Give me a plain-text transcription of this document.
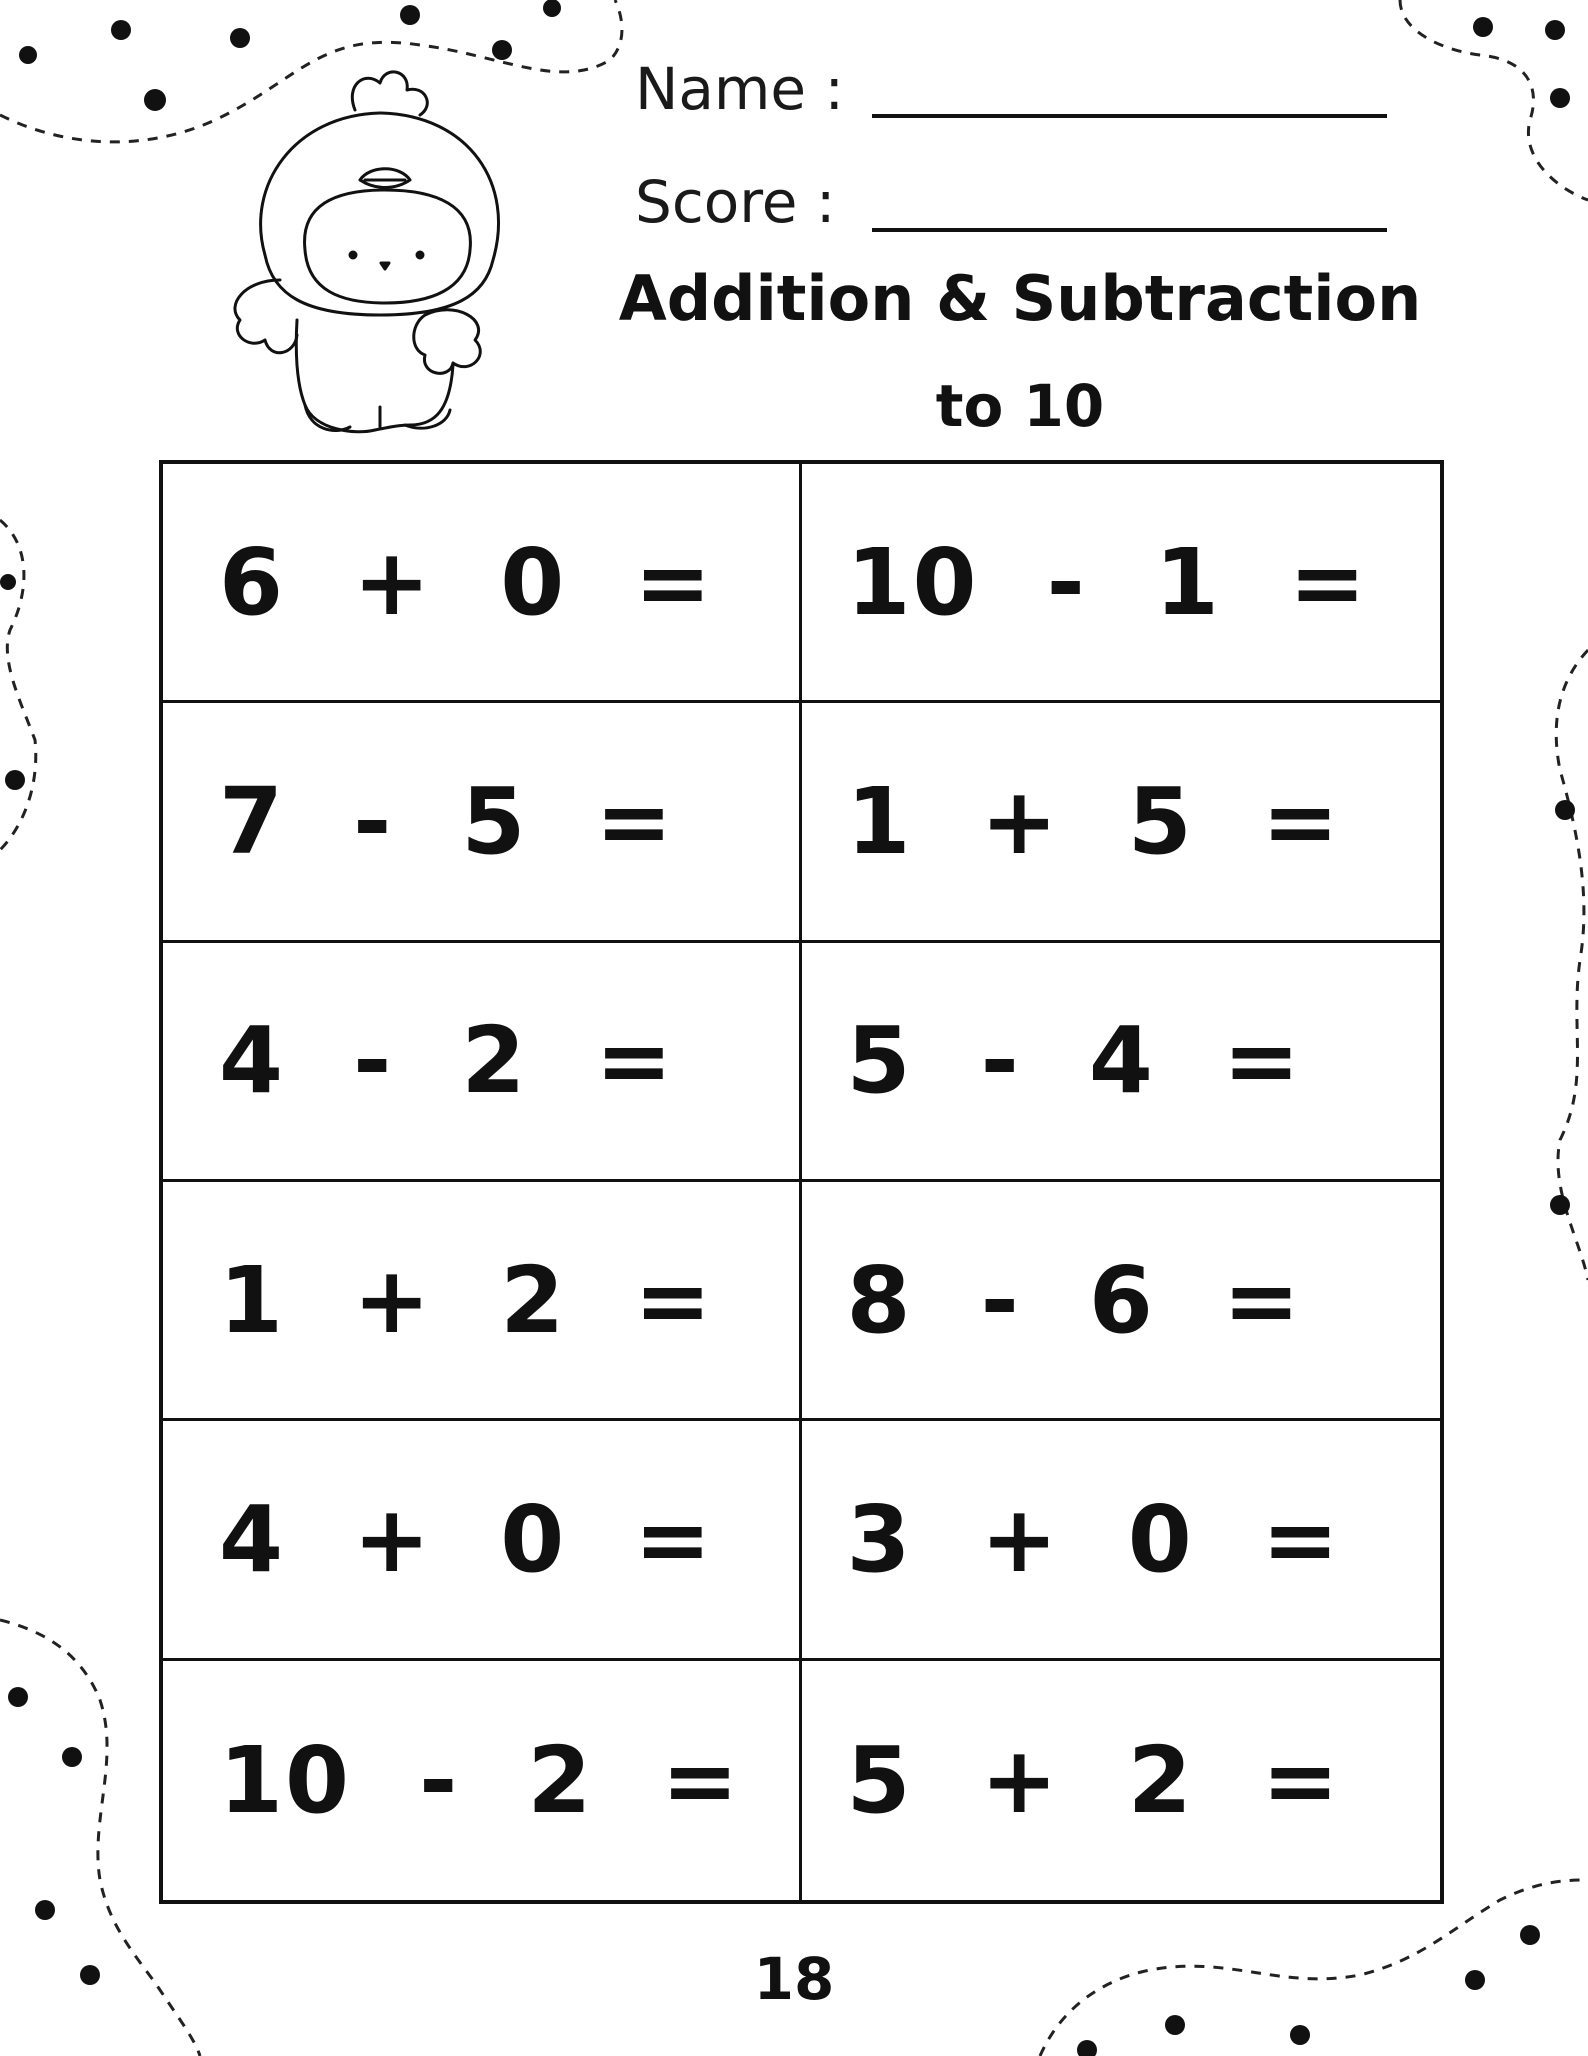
Name :
Score :
Addition & Subtraction
to 10
6  +  0  =	10  -  1  =
7  -  5  =	1  +  5  =
4  -  2  =	5  -  4  =
1  +  2  =	8  -  6  =
4  +  0  =	3  +  0  =
10  -  2  =	5  +  2  =
18
